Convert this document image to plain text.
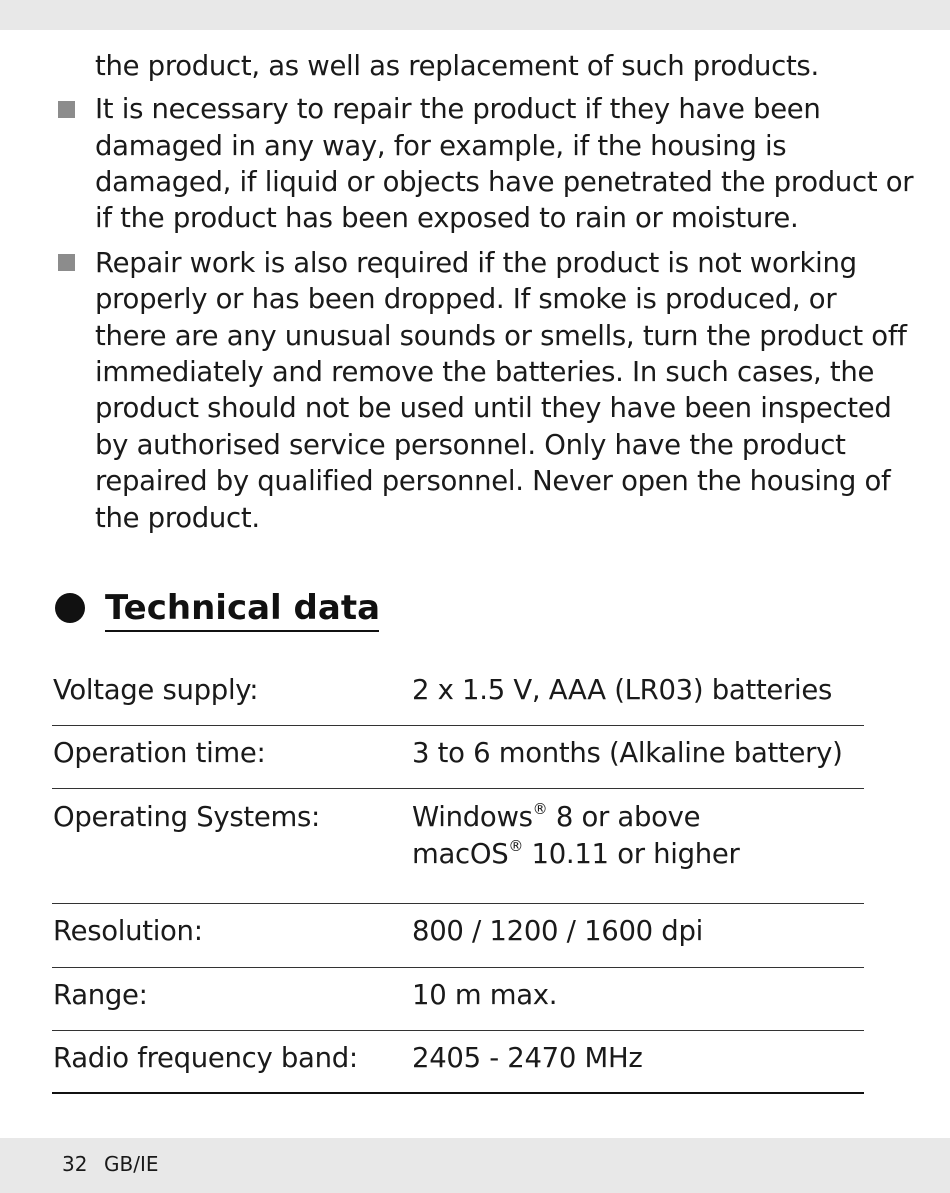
the product, as well as replacement of such products.
It is necessary to repair the product if they have been
damaged in any way, for example, if the housing is
damaged, if liquid or objects have penetrated the product or
if the product has been exposed to rain or moisture.
Repair work is also required if the product is not working
properly or has been dropped. If smoke is produced, or
there are any unusual sounds or smells, turn the product off
immediately and remove the batteries. In such cases, the
product should not be used until they have been inspected
by authorised service personnel. Only have the product
repaired by qualified personnel. Never open the housing of
the product.
Technical data
Voltage supply:	2 x 1.5 V, AAA (LR03) batteries
Operation time:	3 to 6 months (Alkaline battery)
Operating Systems:	Windows® 8 or above
macOS® 10.11 or higher
Resolution:	800 / 1200 / 1600 dpi
Range:	10 m max.
Radio frequency band: 2405 - 2470 MHz
32 GB/IE
